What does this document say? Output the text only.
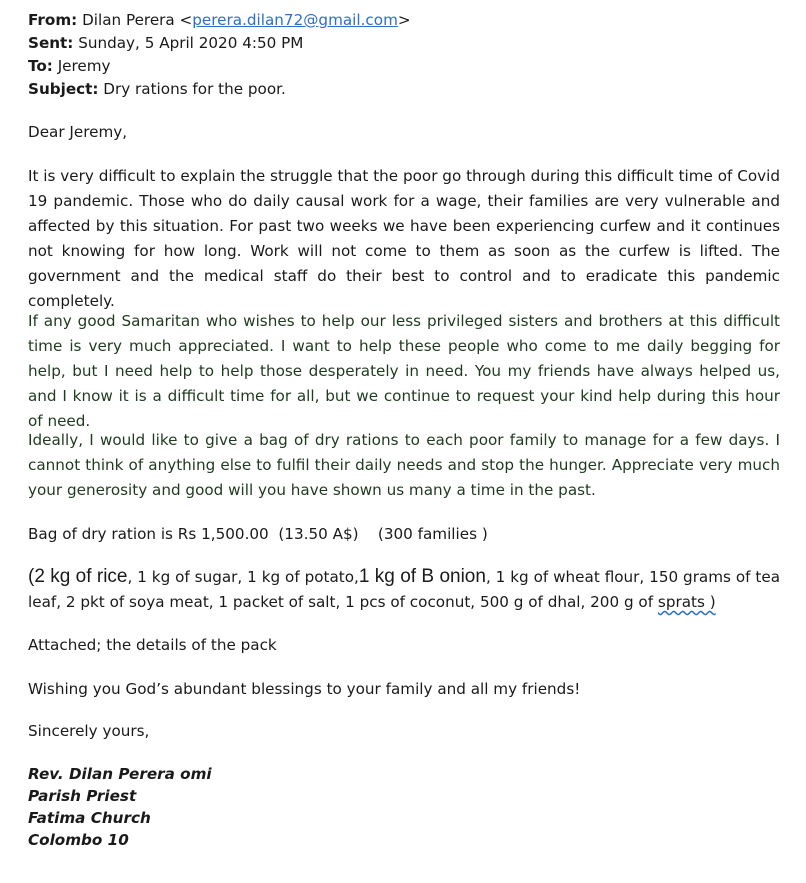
From: Dilan Perera <perera.dilan72@gmail.com>
Sent: Sunday, 5 April 2020 4:50 PM
To: Jeremy
Subject: Dry rations for the poor.
Dear Jeremy,
It is very difficult to explain the struggle that the poor go through during this difficult time of Covid 19 pandemic. Those who do daily causal work for a wage, their families are very vulnerable and affected by this situation. For past two weeks we have been experiencing curfew and it continues not knowing for how long. Work will not come to them as soon as the curfew is lifted. The government and the medical staff do their best to control and to eradicate this pandemic completely.
If any good Samaritan who wishes to help our less privileged sisters and brothers at this difficult time is very much appreciated. I want to help these people who come to me daily begging for help, but I need help to help those desperately in need. You my friends have always helped us, and I know it is a difficult time for all, but we continue to request your kind help during this hour of need.
Ideally, I would like to give a bag of dry rations to each poor family to manage for a few days. I cannot think of anything else to fulfil their daily needs and stop the hunger. Appreciate very much your generosity and good will you have shown us many a time in the past.
Bag of dry ration is Rs 1,500.00  (13.50 A$)    (300 families )
(2 kg of rice, 1 kg of sugar, 1 kg of potato,1 kg of B onion, 1 kg of wheat flour, 150 grams of tea leaf, 2 pkt of soya meat, 1 packet of salt, 1 pcs of coconut, 500 g of dhal, 200 g of sprats )
Attached; the details of the pack
Wishing you God’s abundant blessings to your family and all my friends!
Sincerely yours,
Rev. Dilan Perera omi
Parish Priest
Fatima Church
Colombo 10
